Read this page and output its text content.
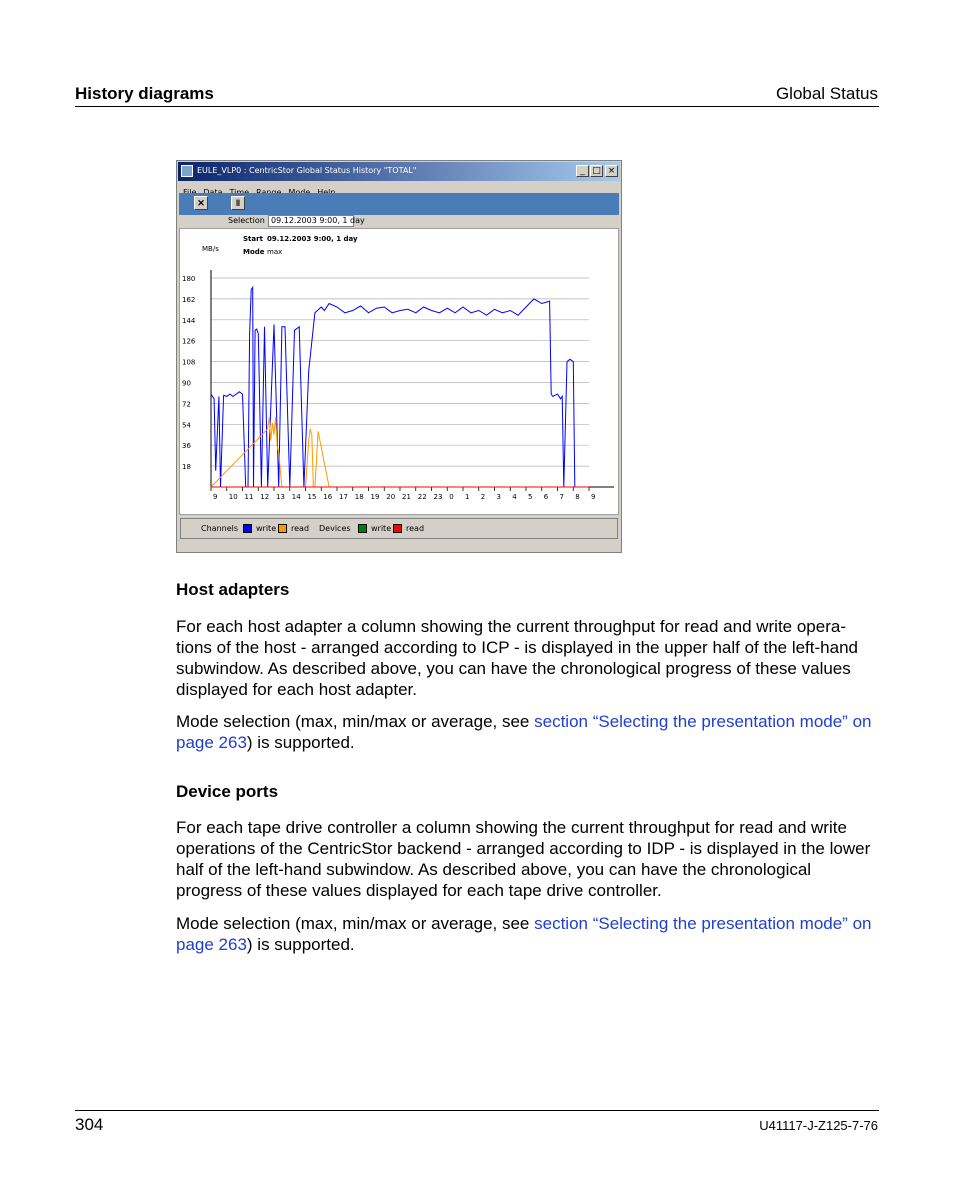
History diagrams	Global Status
EULE_VLP0 : CentricStor Global Status History "TOTAL"	_ □ ×
✕	‖
Selection 09.12.2003 9:00, 1 day
Start 09.12.2003 9:00, 1 day
Mode max
MB/s
180
162
144
126
108
90
72
54
36
18
9 10 11 12 13 14 15 16 17 18 19 20 21 22 23 0 1 2 3 4 5 6 7 8 9
Channels write read Devices	write read
Host adapters
For each host adapter a column showing the current throughput for read and write opera-tions of the host - arranged according to ICP - is displayed in the upper half of the left-hand subwindow. As described above, you can have the chronological progress of these values displayed for each host adapter.
Mode selection (max, min/max or average, see section “Selecting the presentation mode” on page 263) is supported.
Device ports
For each tape drive controller a column showing the current throughput for read and write operations of the CentricStor backend - arranged according to IDP - is displayed in the lower half of the left-hand subwindow. As described above, you can have the chronological progress of these values displayed for each tape drive controller.
Mode selection (max, min/max or average, see section “Selecting the presentation mode” on page 263) is supported.
304	U41117-J-Z125-7-76
